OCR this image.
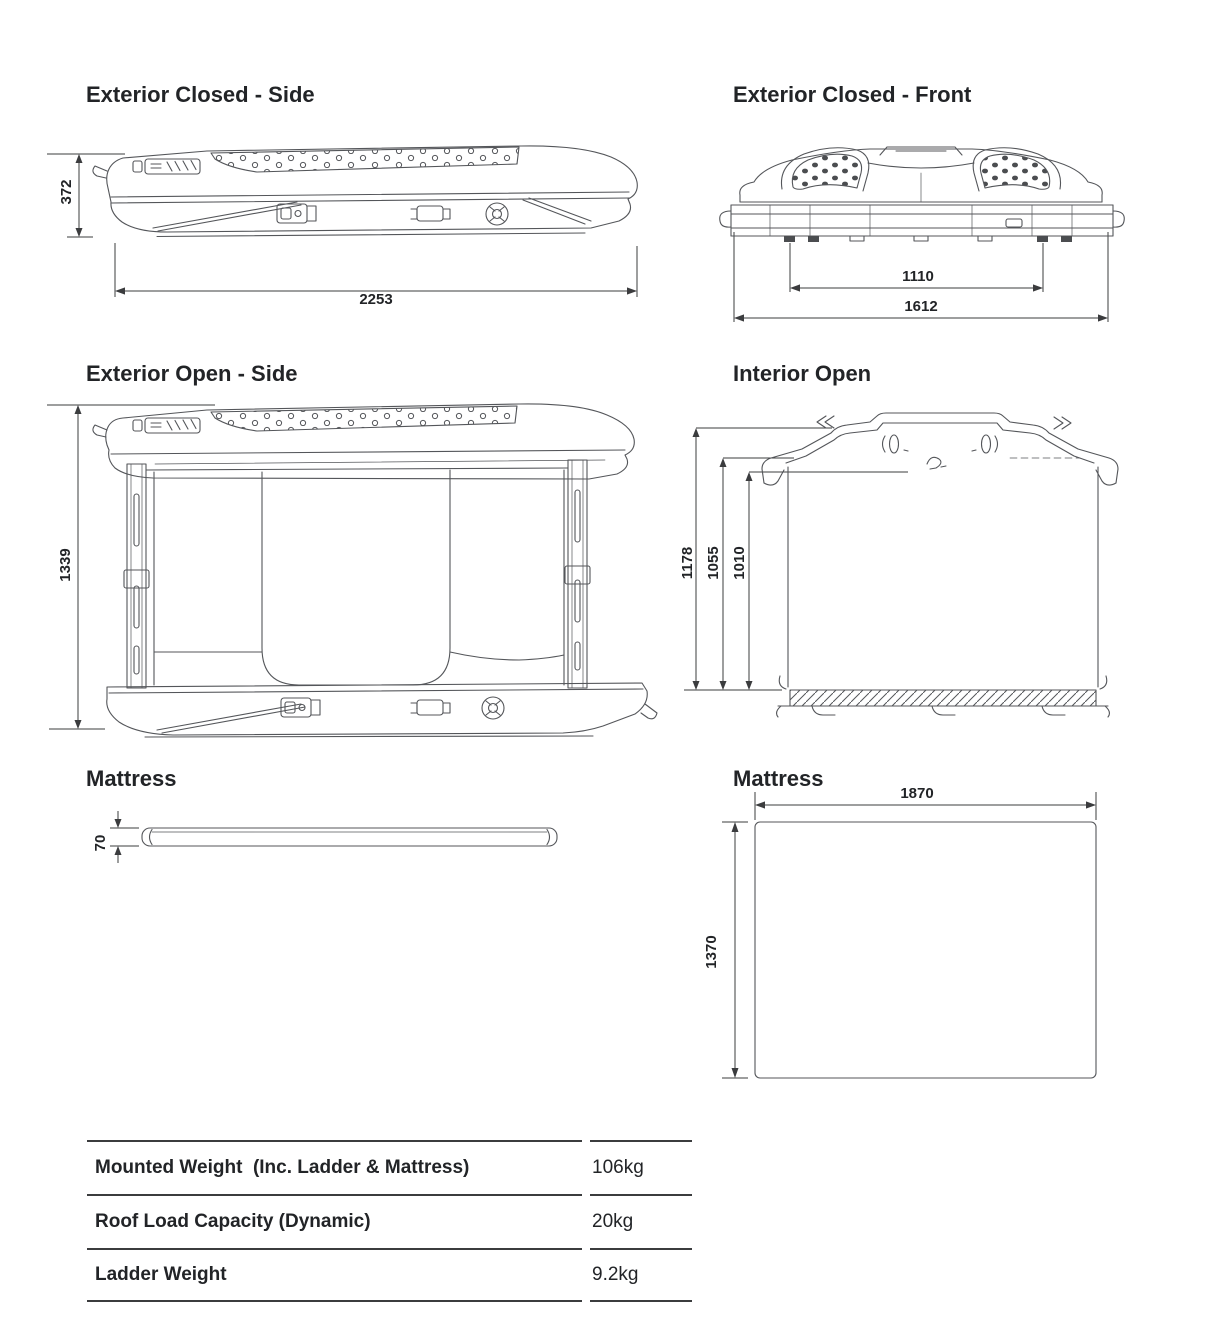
Exterior Closed - Side	Exterior Closed - Front
Exterior Open - Side	Interior Open
Mattress	Mattress
372
2253
1110
1612
1339	1178 1055 1010
70
1870
1370
Mounted Weight  (Inc. Ladder & Mattress)	106kg
Roof Load Capacity (Dynamic)	20kg
Ladder Weight	9.2kg
